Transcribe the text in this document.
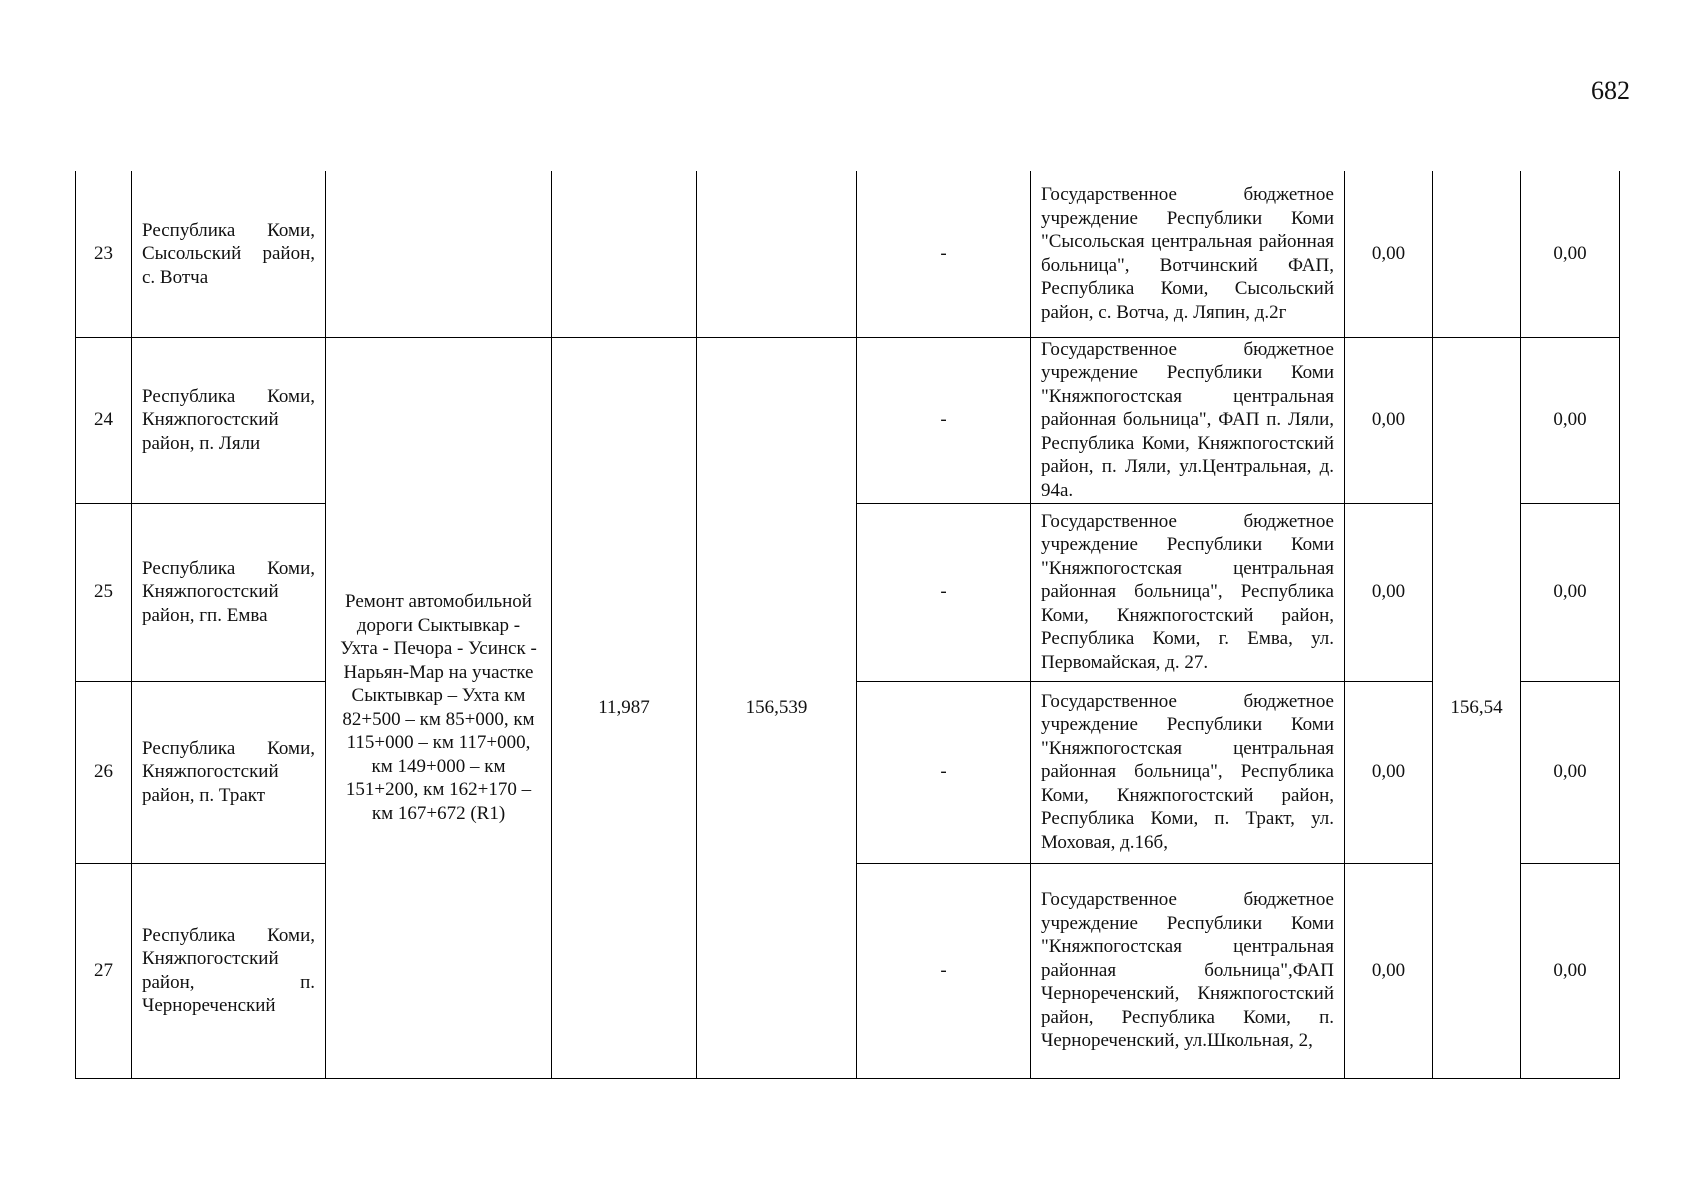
682
23	Республика Коми, Сысольский район, с. Вотча				-	Государственное бюджетное учреждение Республики Коми "Сысольская центральная районная больница", Вотчинский ФАП, Республика Коми, Сысольский район, с. Вотча, д. Ляпин, д.2г	0,00		0,00
24	Республика Коми, Княжпогостский район, п. Ляли	Ремонт автомобильной дороги Сыктывкар - Ухта - Печора - Усинск - Нарьян-Мар на участке Сыктывкар – Ухта км 82+500 – км 85+000, км 115+000 – км 117+000, км 149+000 – км 151+200, км 162+170 – км 167+672 (R1)	11,987	156,539	-	Государственное бюджетное учреждение Республики Коми "Княжпогостская центральная районная больница", ФАП п. Ляли, Республика Коми, Княжпогостский район, п. Ляли, ул.Центральная, д. 94а.	0,00	156,54	0,00
25	Республика Коми, Княжпогостский район, гп. Емва				-	Государственное бюджетное учреждение Республики Коми "Княжпогостская центральная районная больница", Республика Коми, Княжпогостский район, Республика Коми, г. Емва, ул. Первомайская, д. 27.	0,00		0,00
26	Республика Коми, Княжпогостский район, п. Тракт				-	Государственное бюджетное учреждение Республики Коми "Княжпогостская центральная районная больница", Республика Коми, Княжпогостский район, Республика Коми, п. Тракт, ул. Моховая, д.16б,	0,00		0,00
27	Республика Коми, Княжпогостский район, п. Чернореченский				-	Государственное бюджетное учреждение Республики Коми "Княжпогостская центральная районная больница",ФАП Чернореченский, Княжпогостский район, Республика Коми, п. Чернореченский, ул.Школьная, 2,	0,00		0,00
